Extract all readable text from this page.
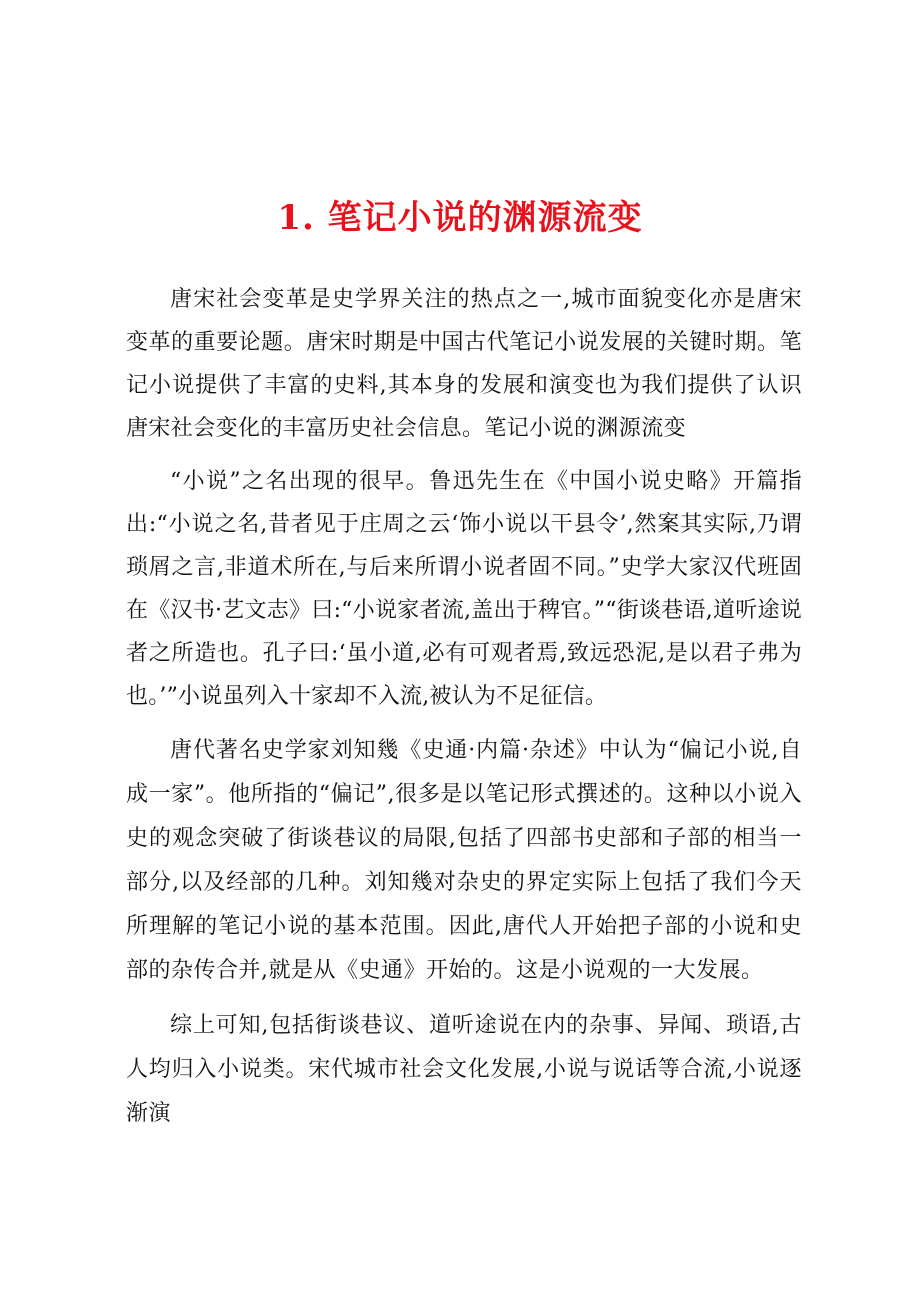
1. 笔记小说的渊源流变

唐宋社会变革是史学界关注的热点之一,城市面貌变化亦是唐宋变革的重要论题。唐宋时期是中国古代笔记小说发展的关键时期。笔记小说提供了丰富的史料,其本身的发展和演变也为我们提供了认识唐宋社会变化的丰富历史社会信息。笔记小说的渊源流变

“小说”之名出现的很早。鲁迅先生在《中国小说史略》开篇指出:“小说之名,昔者见于庄周之云‘饰小说以干县令’,然案其实际,乃谓琐屑之言,非道术所在,与后来所谓小说者固不同。”史学大家汉代班固在《汉书·艺文志》曰:“小说家者流,盖出于稗官。”“街谈巷语,道听途说者之所造也。孔子曰:‘虽小道,必有可观者焉,致远恐泥,是以君子弗为也。’”小说虽列入十家却不入流,被认为不足征信。

唐代著名史学家刘知幾《史通·内篇·杂述》中认为“偏记小说,自成一家”。他所指的“偏记”,很多是以笔记形式撰述的。这种以小说入史的观念突破了街谈巷议的局限,包括了四部书史部和子部的相当一部分,以及经部的几种。刘知幾对杂史的界定实际上包括了我们今天所理解的笔记小说的基本范围。因此,唐代人开始把子部的小说和史部的杂传合并,就是从《史通》开始的。这是小说观的一大发展。

综上可知,包括街谈巷议、道听途说在内的杂事、异闻、琐语,古人均归入小说类。宋代城市社会文化发展,小说与说话等合流,小说逐渐演
